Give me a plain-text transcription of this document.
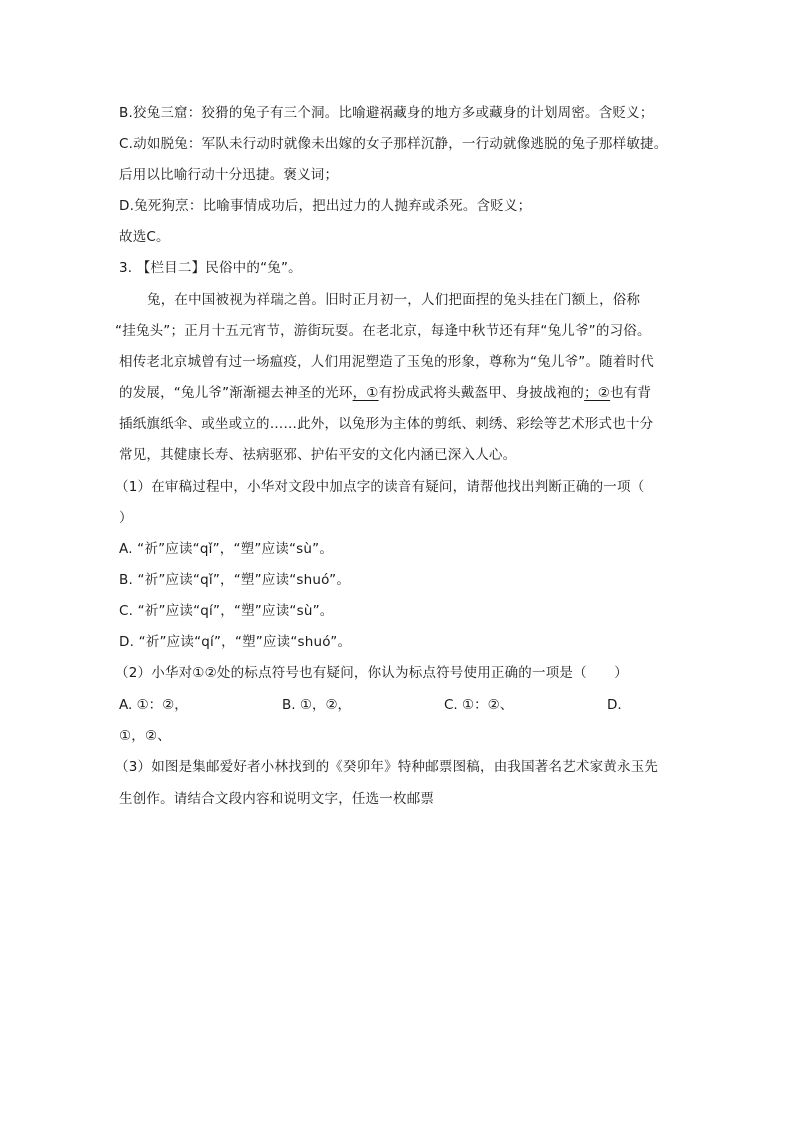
B.狡兔三窟：狡猾的兔子有三个洞。比喻避祸藏身的地方多或藏身的计划周密。含贬义；
C.动如脱兔：军队未行动时就像未出嫁的女子那样沉静，一行动就像逃脱的兔子那样敏捷。
后用以比喻行动十分迅捷。褒义词；
D.兔死狗烹：比喻事情成功后，把出过力的人抛弃或杀死。含贬义；
故选C。
3. 【栏目二】民俗中的“兔”。
兔，在中国被视为祥瑞之兽。旧时正月初一，人们把面捏的兔头挂在门额上，俗称
“挂兔头”；正月十五元宵节，游街玩耍。在老北京，每逢中秋节还有拜“兔儿爷”的习俗。
相传老北京城曾有过一场瘟疫，人们用泥塑造了玉兔的形象，尊称为“兔儿爷”。随着时代
的发展，“兔儿爷”渐渐褪去神圣的光环，①有扮成武将头戴盔甲、身披战袍的；②也有背
插纸旗纸伞、或坐或立的……此外，以兔形为主体的剪纸、刺绣、彩绘等艺术形式也十分
常见，其健康长寿、祛病驱邪、护佑平安的文化内涵已深入人心。
（1）在审稿过程中，小华对文段中加点字的读音有疑问，请帮他找出判断正确的一项（
）
A. “祈”应读“qǐ”，“塑”应读“sù”。
B. “祈”应读“qǐ”，“塑”应读“shuó”。
C. “祈”应读“qí”，“塑”应读“sù”。
D. “祈”应读“qí”，“塑”应读“shuó”。
（2）小华对①②处的标点符号也有疑问，你认为标点符号使用正确的一项是（　　）
A. ①：②，	B. ①，②，	C. ①：②、	D.
①，②、
（3）如图是集邮爱好者小林找到的《癸卯年》特种邮票图稿，由我国著名艺术家黄永玉先
生创作。请结合文段内容和说明文字，任选一枚邮票
